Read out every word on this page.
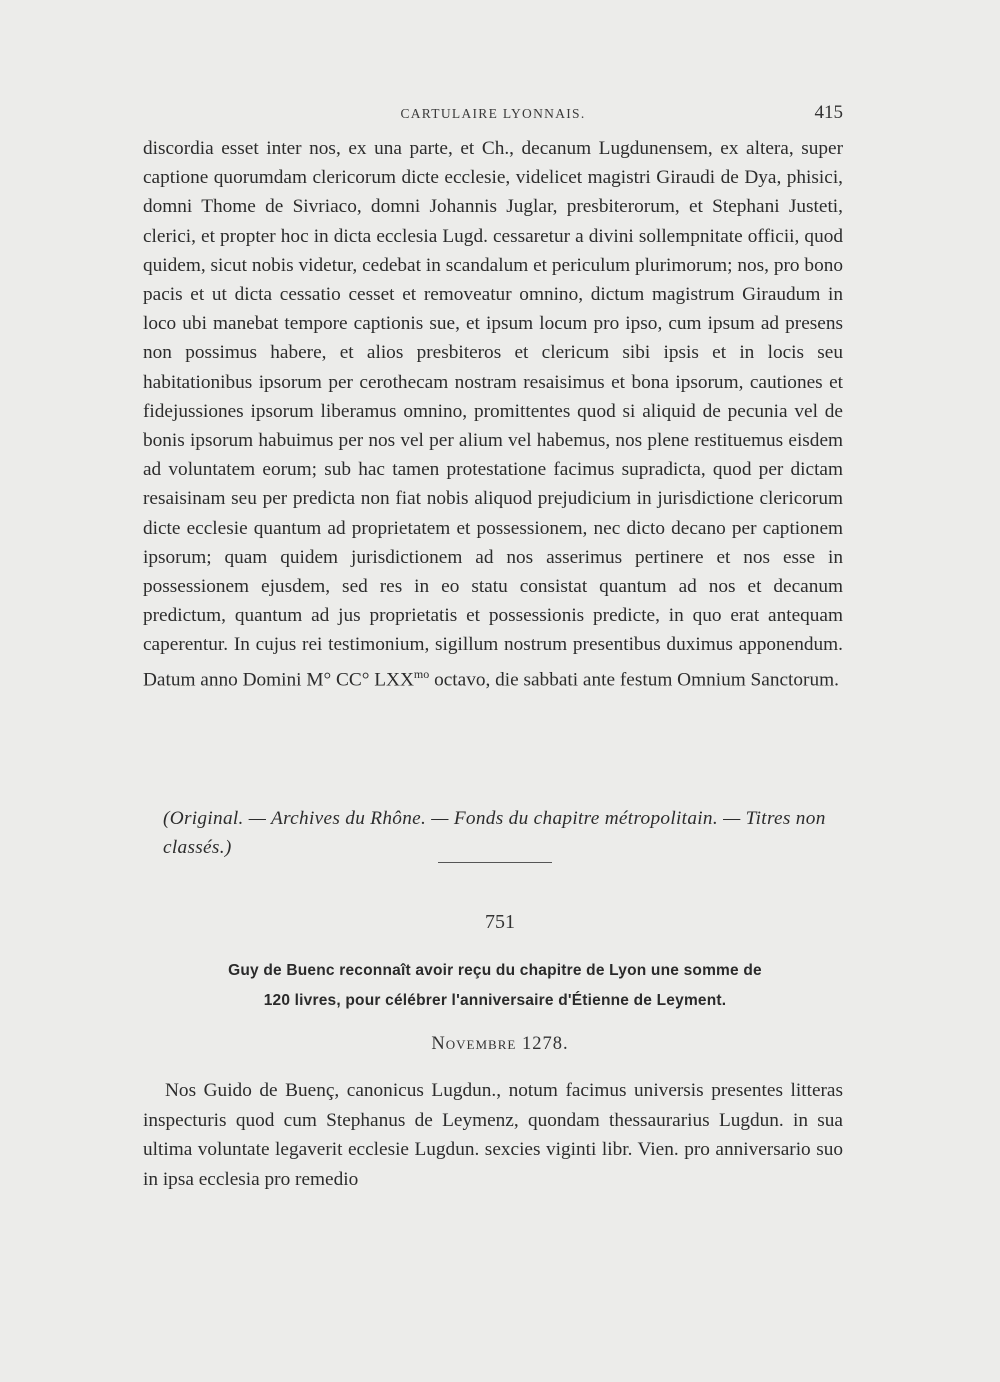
CARTULAIRE LYONNAIS.	415

discordia esset inter nos, ex una parte, et Ch., decanum Lugdunensem, ex altera, super captione quorumdam clericorum dicte ecclesie, videlicet magistri Giraudi de Dya, phisici, domni Thome de Sivriaco, domni Johannis Juglar, presbiterorum, et Stephani Justeti, clerici, et propter hoc in dicta ecclesia Lugd. cessaretur a divini sollempnitate officii, quod quidem, sicut nobis videtur, cedebat in scandalum et periculum plurimorum; nos, pro bono pacis et ut dicta cessatio cesset et removeatur omnino, dictum magistrum Giraudum in loco ubi manebat tempore captionis sue, et ipsum locum pro ipso, cum ipsum ad presens non possimus habere, et alios presbiteros et clericum sibi ipsis et in locis seu habitationibus ipsorum per cerothecam nostram resaisimus et bona ipsorum, cautiones et fidejussiones ipsorum liberamus omnino, promittentes quod si aliquid de pecunia vel de bonis ipsorum habuimus per nos vel per alium vel habemus, nos plene restituemus eisdem ad voluntatem eorum; sub hac tamen protestatione facimus supradicta, quod per dictam resaisinam seu per predicta non fiat nobis aliquod prejudicium in jurisdictione clericorum dicte ecclesie quantum ad proprietatem et possessionem, nec dicto decano per captionem ipsorum; quam quidem jurisdictionem ad nos asserimus pertinere et nos esse in possessionem ejusdem, sed res in eo statu consistat quantum ad nos et decanum predictum, quantum ad jus proprietatis et possessionis predicte, in quo erat antequam caperentur. In cujus rei testimonium, sigillum nostrum presentibus duximus apponendum. Datum anno Domini M° CC° $LXX^{mo}$ octavo, die sabbati ante festum Omnium Sanctorum.

(Original. — Archives du Rhône. — Fonds du chapitre métropolitain. — Titres non classés.)

751

Guy de Buenc reconnaît avoir reçu du chapitre de Lyon une somme de
120 livres, pour célébrer l'anniversaire d'Étienne de Leyment.

Novembre 1278.

Nos Guido de Buenç, canonicus Lugdun., notum facimus universis presentes litteras inspecturis quod cum Stephanus de Leymenz, quondam thessaurarius Lugdun. in sua ultima voluntate legaverit ecclesie Lugdun. sexcies viginti libr. Vien. pro anniversario suo in ipsa ecclesia pro remedio
